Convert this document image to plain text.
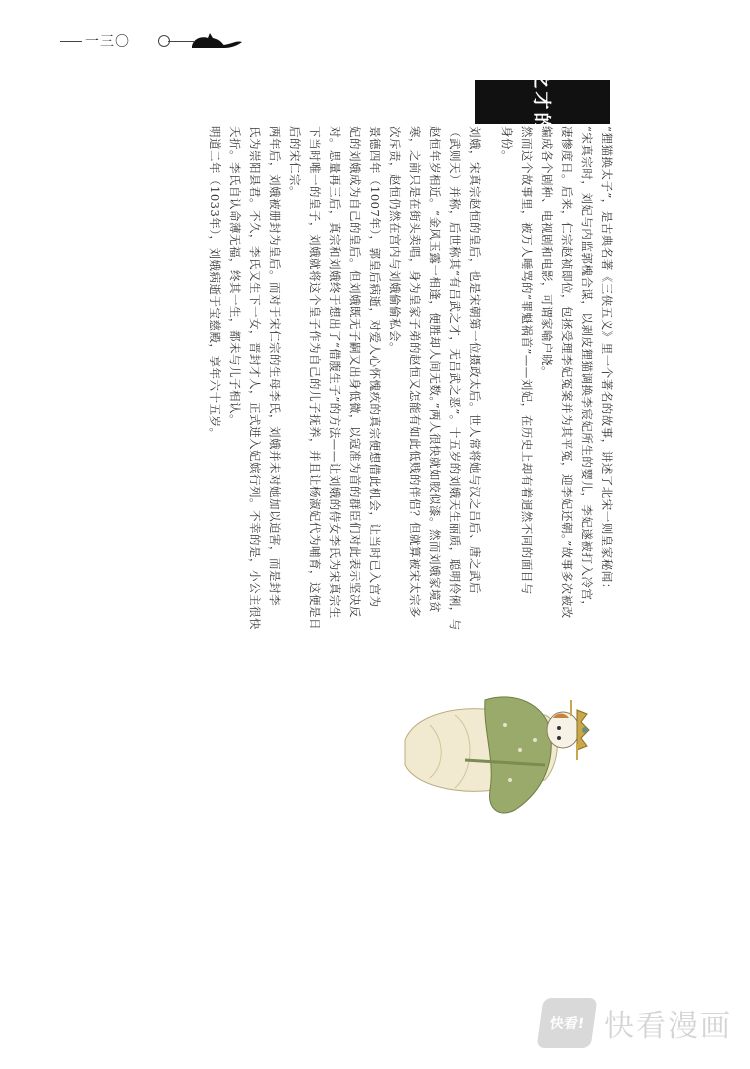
一三〇	吕武之才的刘娥
“狸猫换太子”，是古典名著《三侠五义》里一个著名的故事，讲述了北宋一则皇家秘闻：
“宋真宗时，刘妃与内监郭槐合谋，以剥皮狸猫调换李宸妃所生的婴儿，李妃遂被打入冷宫，
凄惨度日。后来，仁宗赵祯即位，包拯受理李妃冤案并为其平冤，迎李妃还朝。”故事多次被改
编成各个剧种、电视剧和电影，可谓家喻户晓。
然而这个故事里，被万人唾骂的“罪魁祸首”——刘妃，在历史上却有着迥然不同的面目与
身份。
刘娥，宋真宗赵恒的皇后，也是宋朝第一位摄政太后。世人常将她与汉之吕后、唐之武后
（武则天）并称，后世称其“有吕武之才，无吕武之恶”。十五岁的刘娥天生丽质，聪明伶俐，与
赵恒年岁相近。“金风玉露一相逢，便胜却人间无数。”两人很快就如胶似漆。然而刘娥家境贫
寒，之前只是在街头卖唱，身为皇家子弟的赵恒又怎能有如此低贱的伴侣？但就算被宋太宗多
次斥责，赵恒仍然在宫内与刘娥偷偷私会。
景德四年（1007年），郭皇后病逝，对爱人心怀愧疚的真宗便想借此机会，让当时已入宫为
妃的刘娥成为自己的皇后。但刘娥既无子嗣又出身低微，以寇准为首的群臣们对此表示坚决反
对。思量再三后，真宗和刘娥终于想出了“借腹生子”的方法——让刘娥的侍女李氏为宋真宗生
下当时唯一的皇子，刘娥就将这个皇子作为自己的儿子抚养，并且让杨淑妃代为哺育，这便是日
后的宋仁宗。
两年后，刘娥被册封为皇后。而对于宋仁宗的生母李氏，刘娥并未对她加以迫害，而是封李
氏为崇阳县君。不久，李氏又生下一女，晋封才人，正式进入妃嫔行列。不幸的是，小公主很快
夭折。李氏自认命薄无福，终其一生，都未与儿子相认。
明道二年（1033年），刘娥病逝于宝慈殿，享年六十五岁。
快看! 快看漫画
